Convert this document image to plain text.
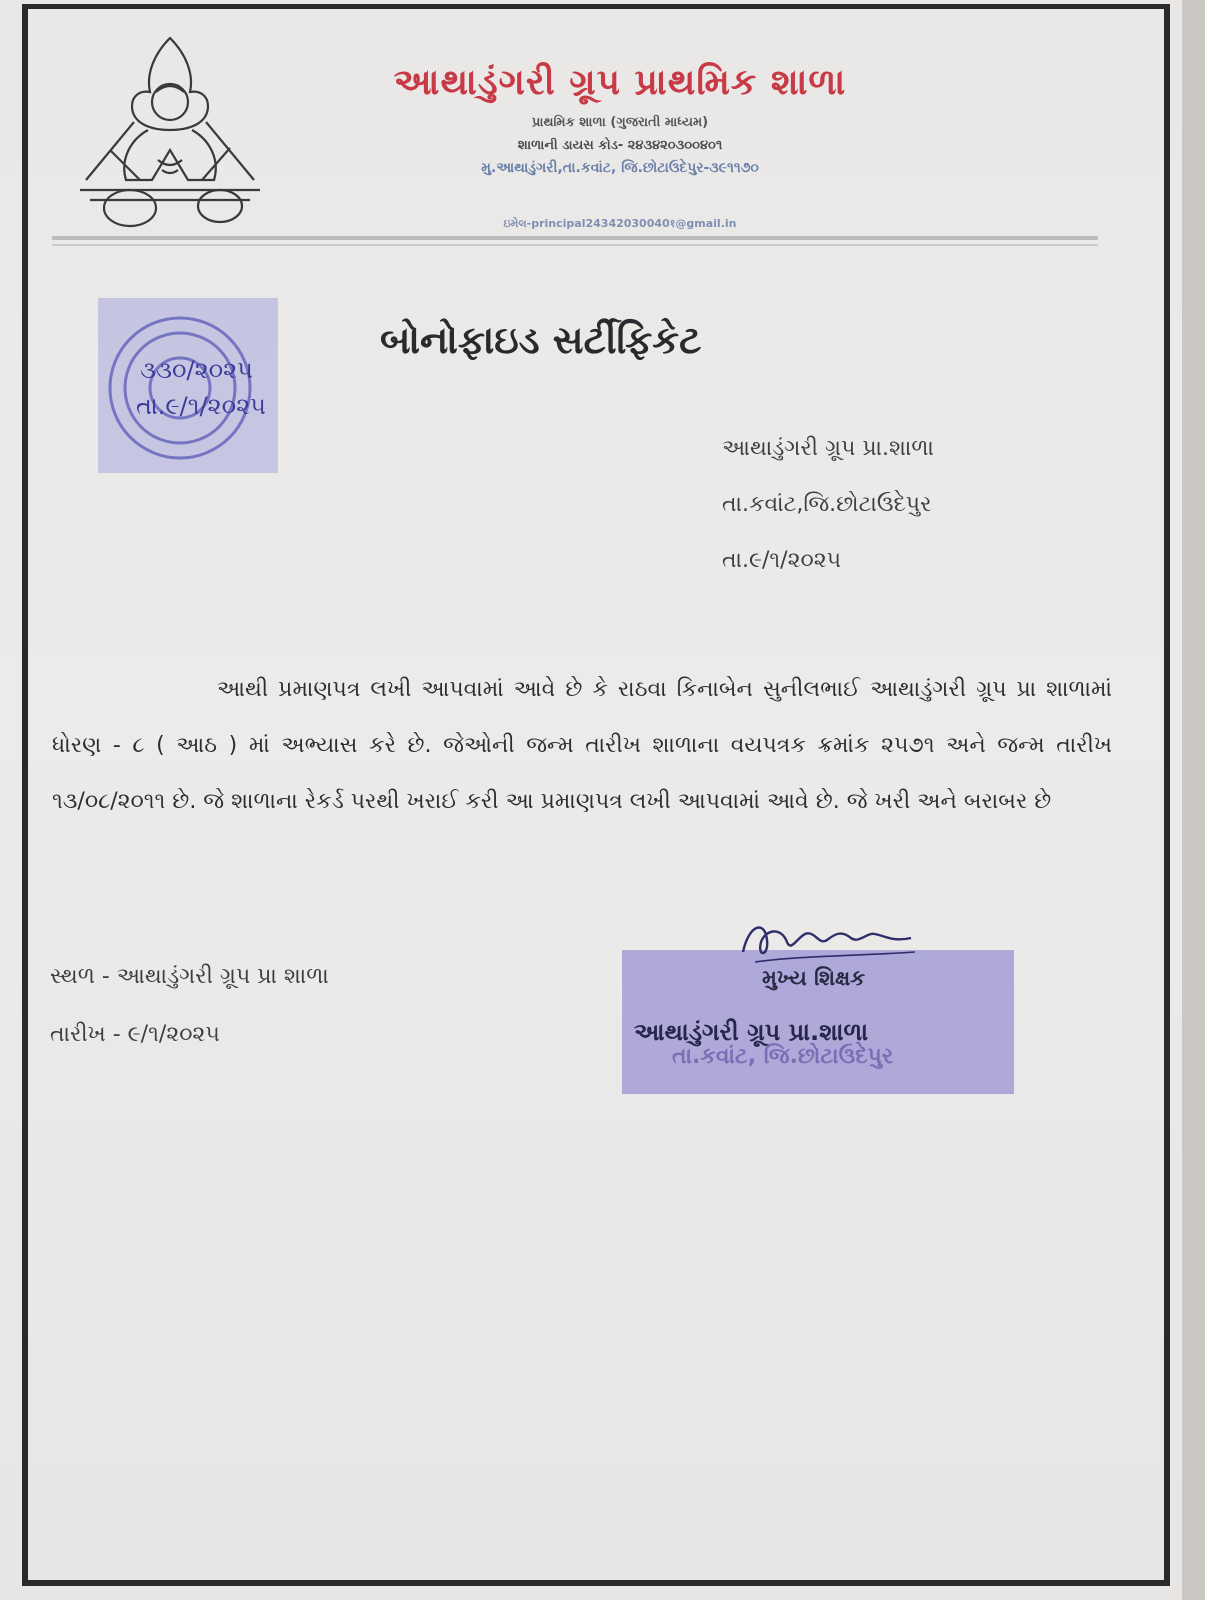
આથાડુંગરી ગ્રૂપ પ્રાથમિક શાળા
પ્રાથમિક શાળા (ગુજરાતી માધ્યમ)
શાળાની ડાયસ કોડ- ૨૪૩૪૨૦૩૦૦૪૦૧
મુ.આથાડુંગરી,તા.કવાંટ, જિ.છોટાઉદેપુર-૩૯૧૧૭૦
ઇમેલ-principal24342030040१@gmail.in
૩૩૦/૨૦૨૫
તા.૯/૧/૨૦૨૫
બોનોફાઇડ સર્ટીફિકેટ
આથાડુંગરી ગ્રૂપ પ્રા.શાળા
તા.કવાંટ,જિ.છોટાઉદેપુર
તા.૯/૧/૨૦૨૫
આથી પ્રમાણપત્ર લખી આપવામાં આવે છે કે રાઠવા કિનાબેન સુનીલભાઈ આથાડુંગરી ગ્રૂપ પ્રા શાળામાં ધોરણ - ૮ ( આઠ ) માં અભ્યાસ કરે છે. જેઓની જન્મ તારીખ શાળાના વયપત્રક ક્રમાંક ૨૫૭૧ અને જન્મ તારીખ ૧૩/૦૮/૨૦૧૧ છે. જે શાળાના રેકર્ડ પરથી ખરાઈ કરી આ પ્રમાણપત્ર લખી આપવામાં આવે છે. જે ખરી અને બરાબર છે
સ્થળ - આથાડુંગરી ગ્રૂપ પ્રા શાળા
તારીખ - ૯/૧/૨૦૨૫
મુખ્ય શિક્ષક
આથાડુંગરી ગ્રૂપ પ્રા.શાળા
તા.કવાંટ, જિ.છોટાઉદેપુર
